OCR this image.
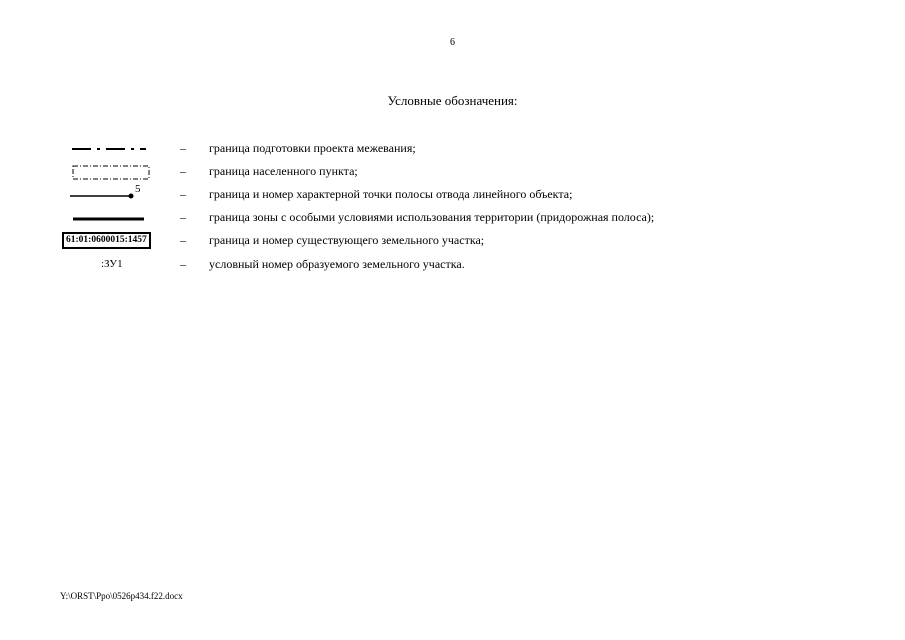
6
Условные обозначения:
– граница подготовки проекта межевания;
– граница населенного пункта;
5	– граница и номер характерной точки полосы отвода линейного объекта;
– граница зоны с особыми условиями использования территории (придорожная полоса);
61:01:0600015:1457	– граница и номер существующего земельного участка;
:ЗУ1	– условный номер образуемого земельного участка.
Y:\ORST\Ppo\0526p434.f22.docx
